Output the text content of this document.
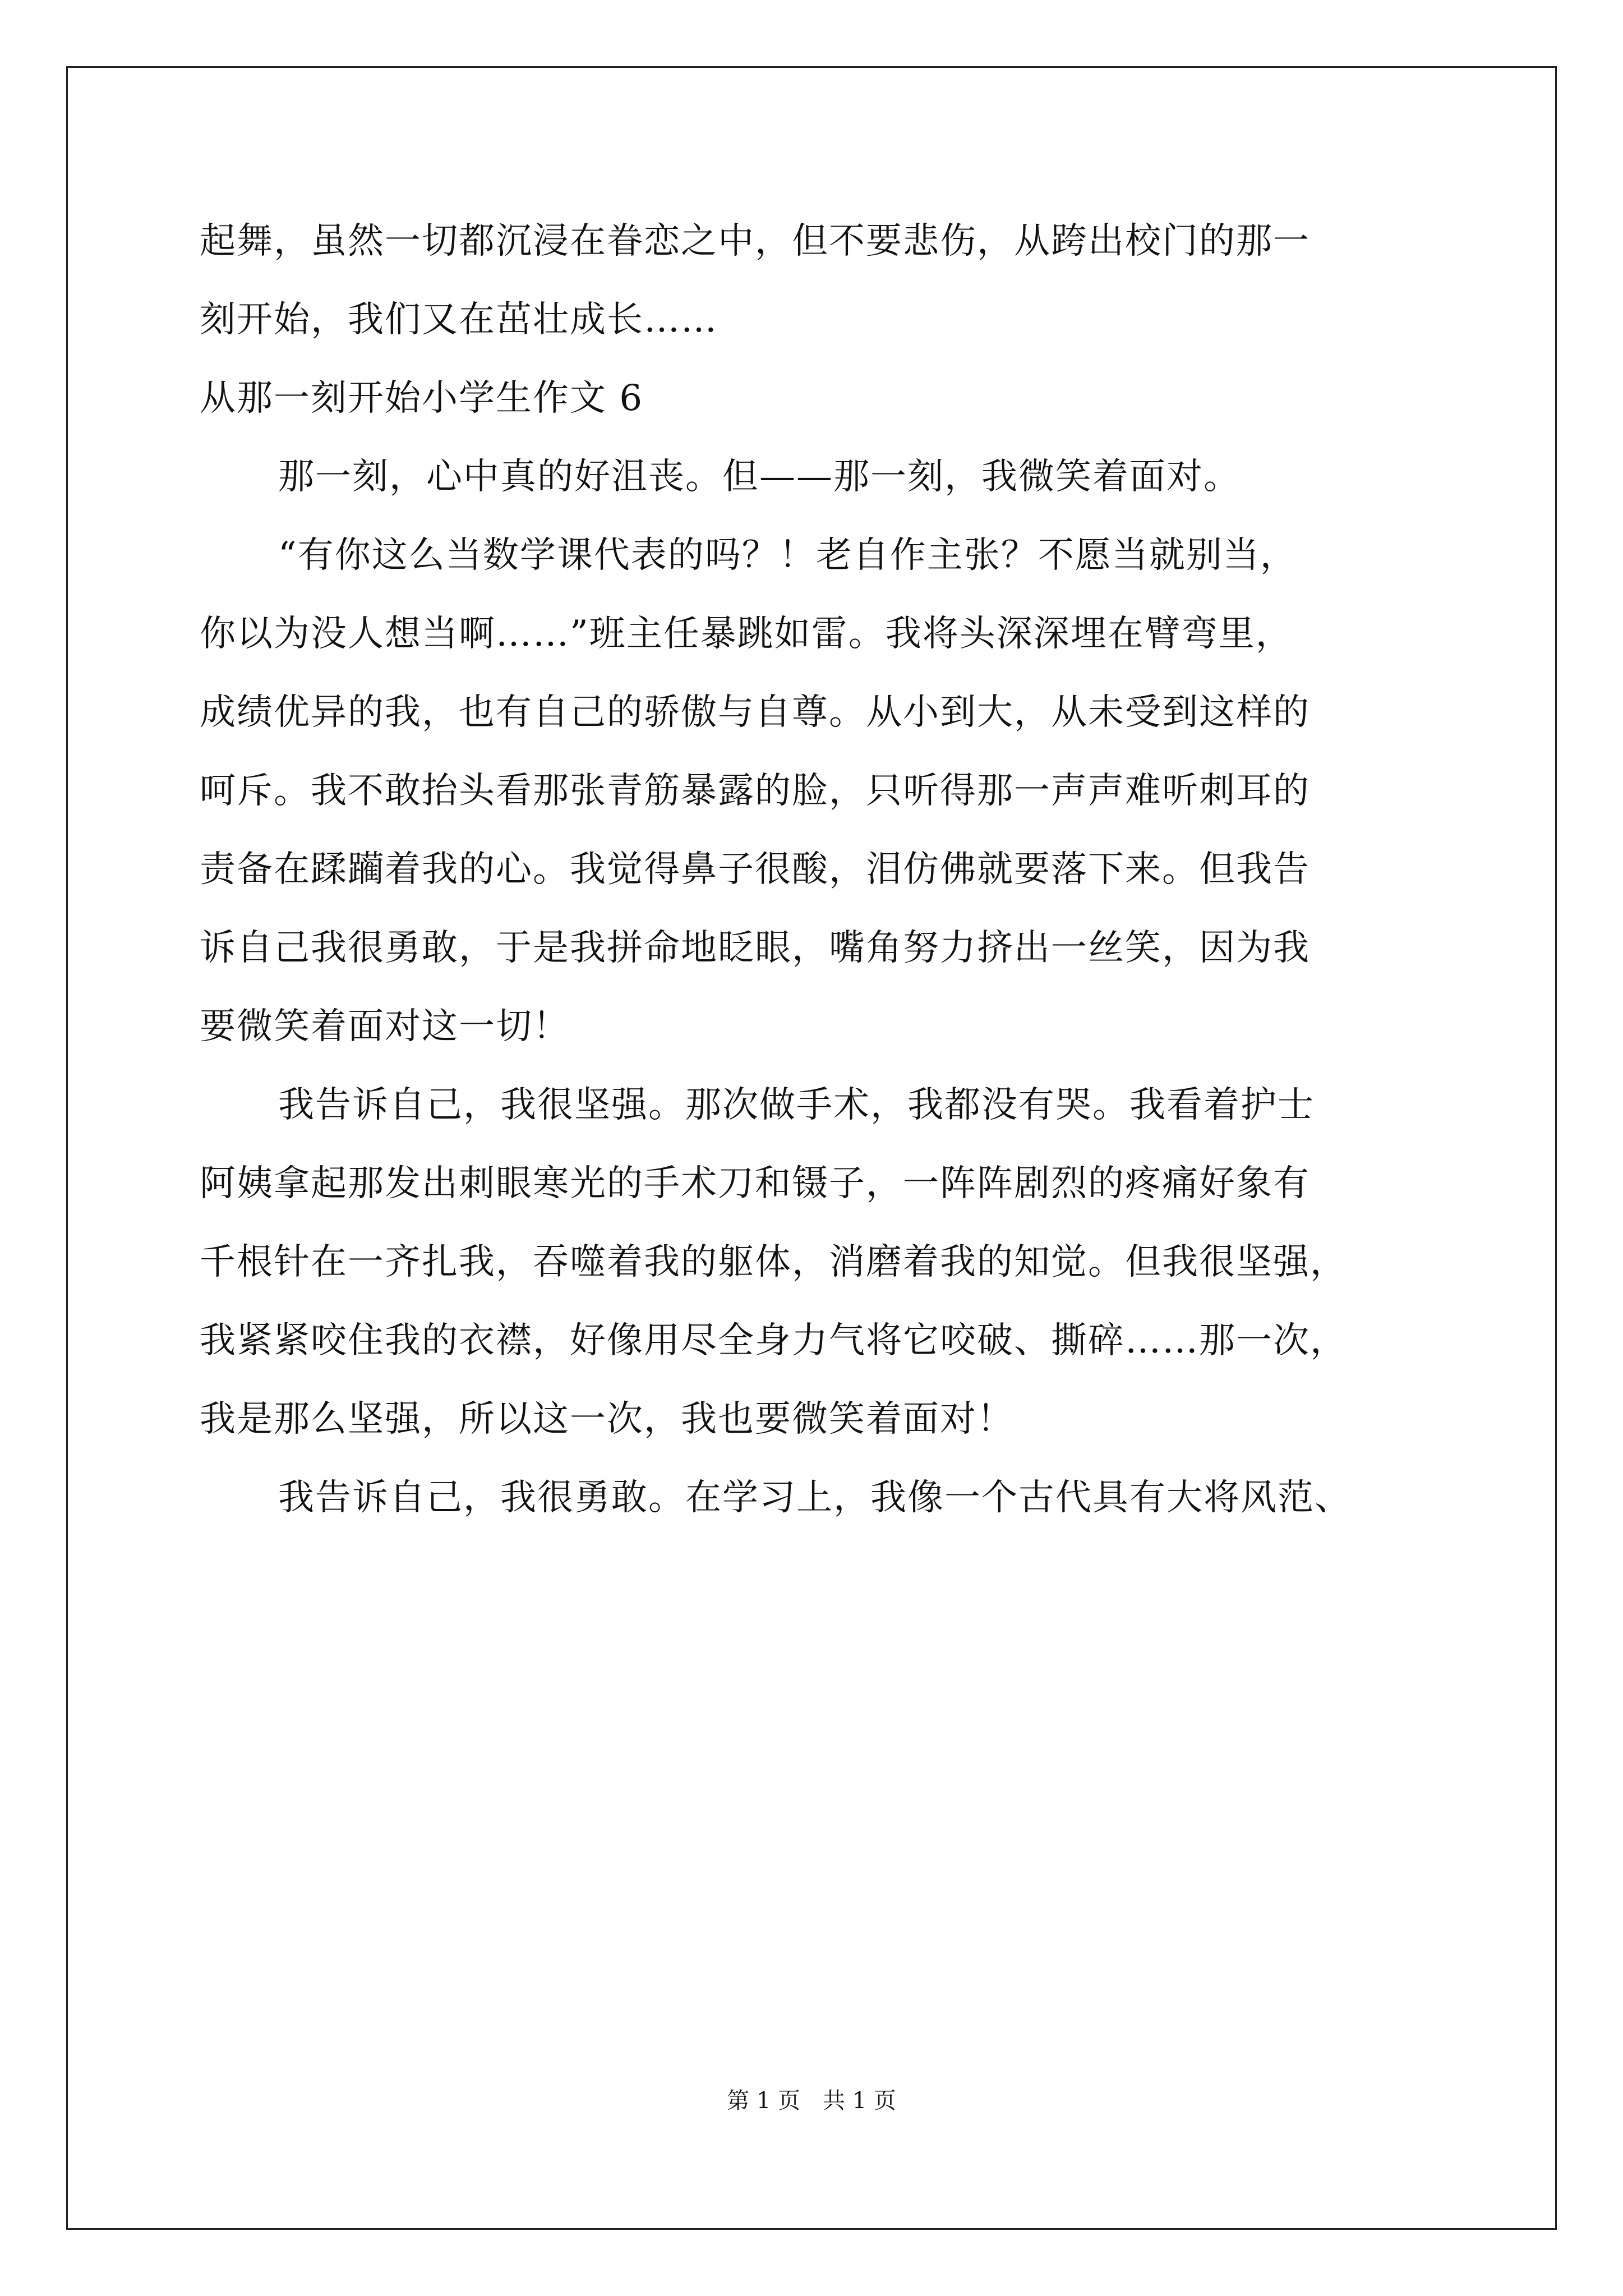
起舞，虽然一切都沉浸在眷恋之中，但不要悲伤，从跨出校门的那一
刻开始，我们又在茁壮成长……
从那一刻开始小学生作文 6
那一刻，心中真的好沮丧。但——那一刻，我微笑着面对。
“有你这么当数学课代表的吗？！老自作主张？不愿当就别当，
你以为没人想当啊……”班主任暴跳如雷。我将头深深埋在臂弯里，
成绩优异的我，也有自己的骄傲与自尊。从小到大，从未受到这样的
呵斥。我不敢抬头看那张青筋暴露的脸，只听得那一声声难听刺耳的
责备在蹂躏着我的心。我觉得鼻子很酸，泪仿佛就要落下来。但我告
诉自己我很勇敢，于是我拼命地眨眼，嘴角努力挤出一丝笑，因为我
要微笑着面对这一切！
我告诉自己，我很坚强。那次做手术，我都没有哭。我看着护士
阿姨拿起那发出刺眼寒光的手术刀和镊子，一阵阵剧烈的疼痛好象有
千根针在一齐扎我，吞噬着我的躯体，消磨着我的知觉。但我很坚强，
我紧紧咬住我的衣襟，好像用尽全身力气将它咬破、撕碎……那一次，
我是那么坚强，所以这一次，我也要微笑着面对！
我告诉自己，我很勇敢。在学习上，我像一个古代具有大将风范、
第 1 页　共 1 页
